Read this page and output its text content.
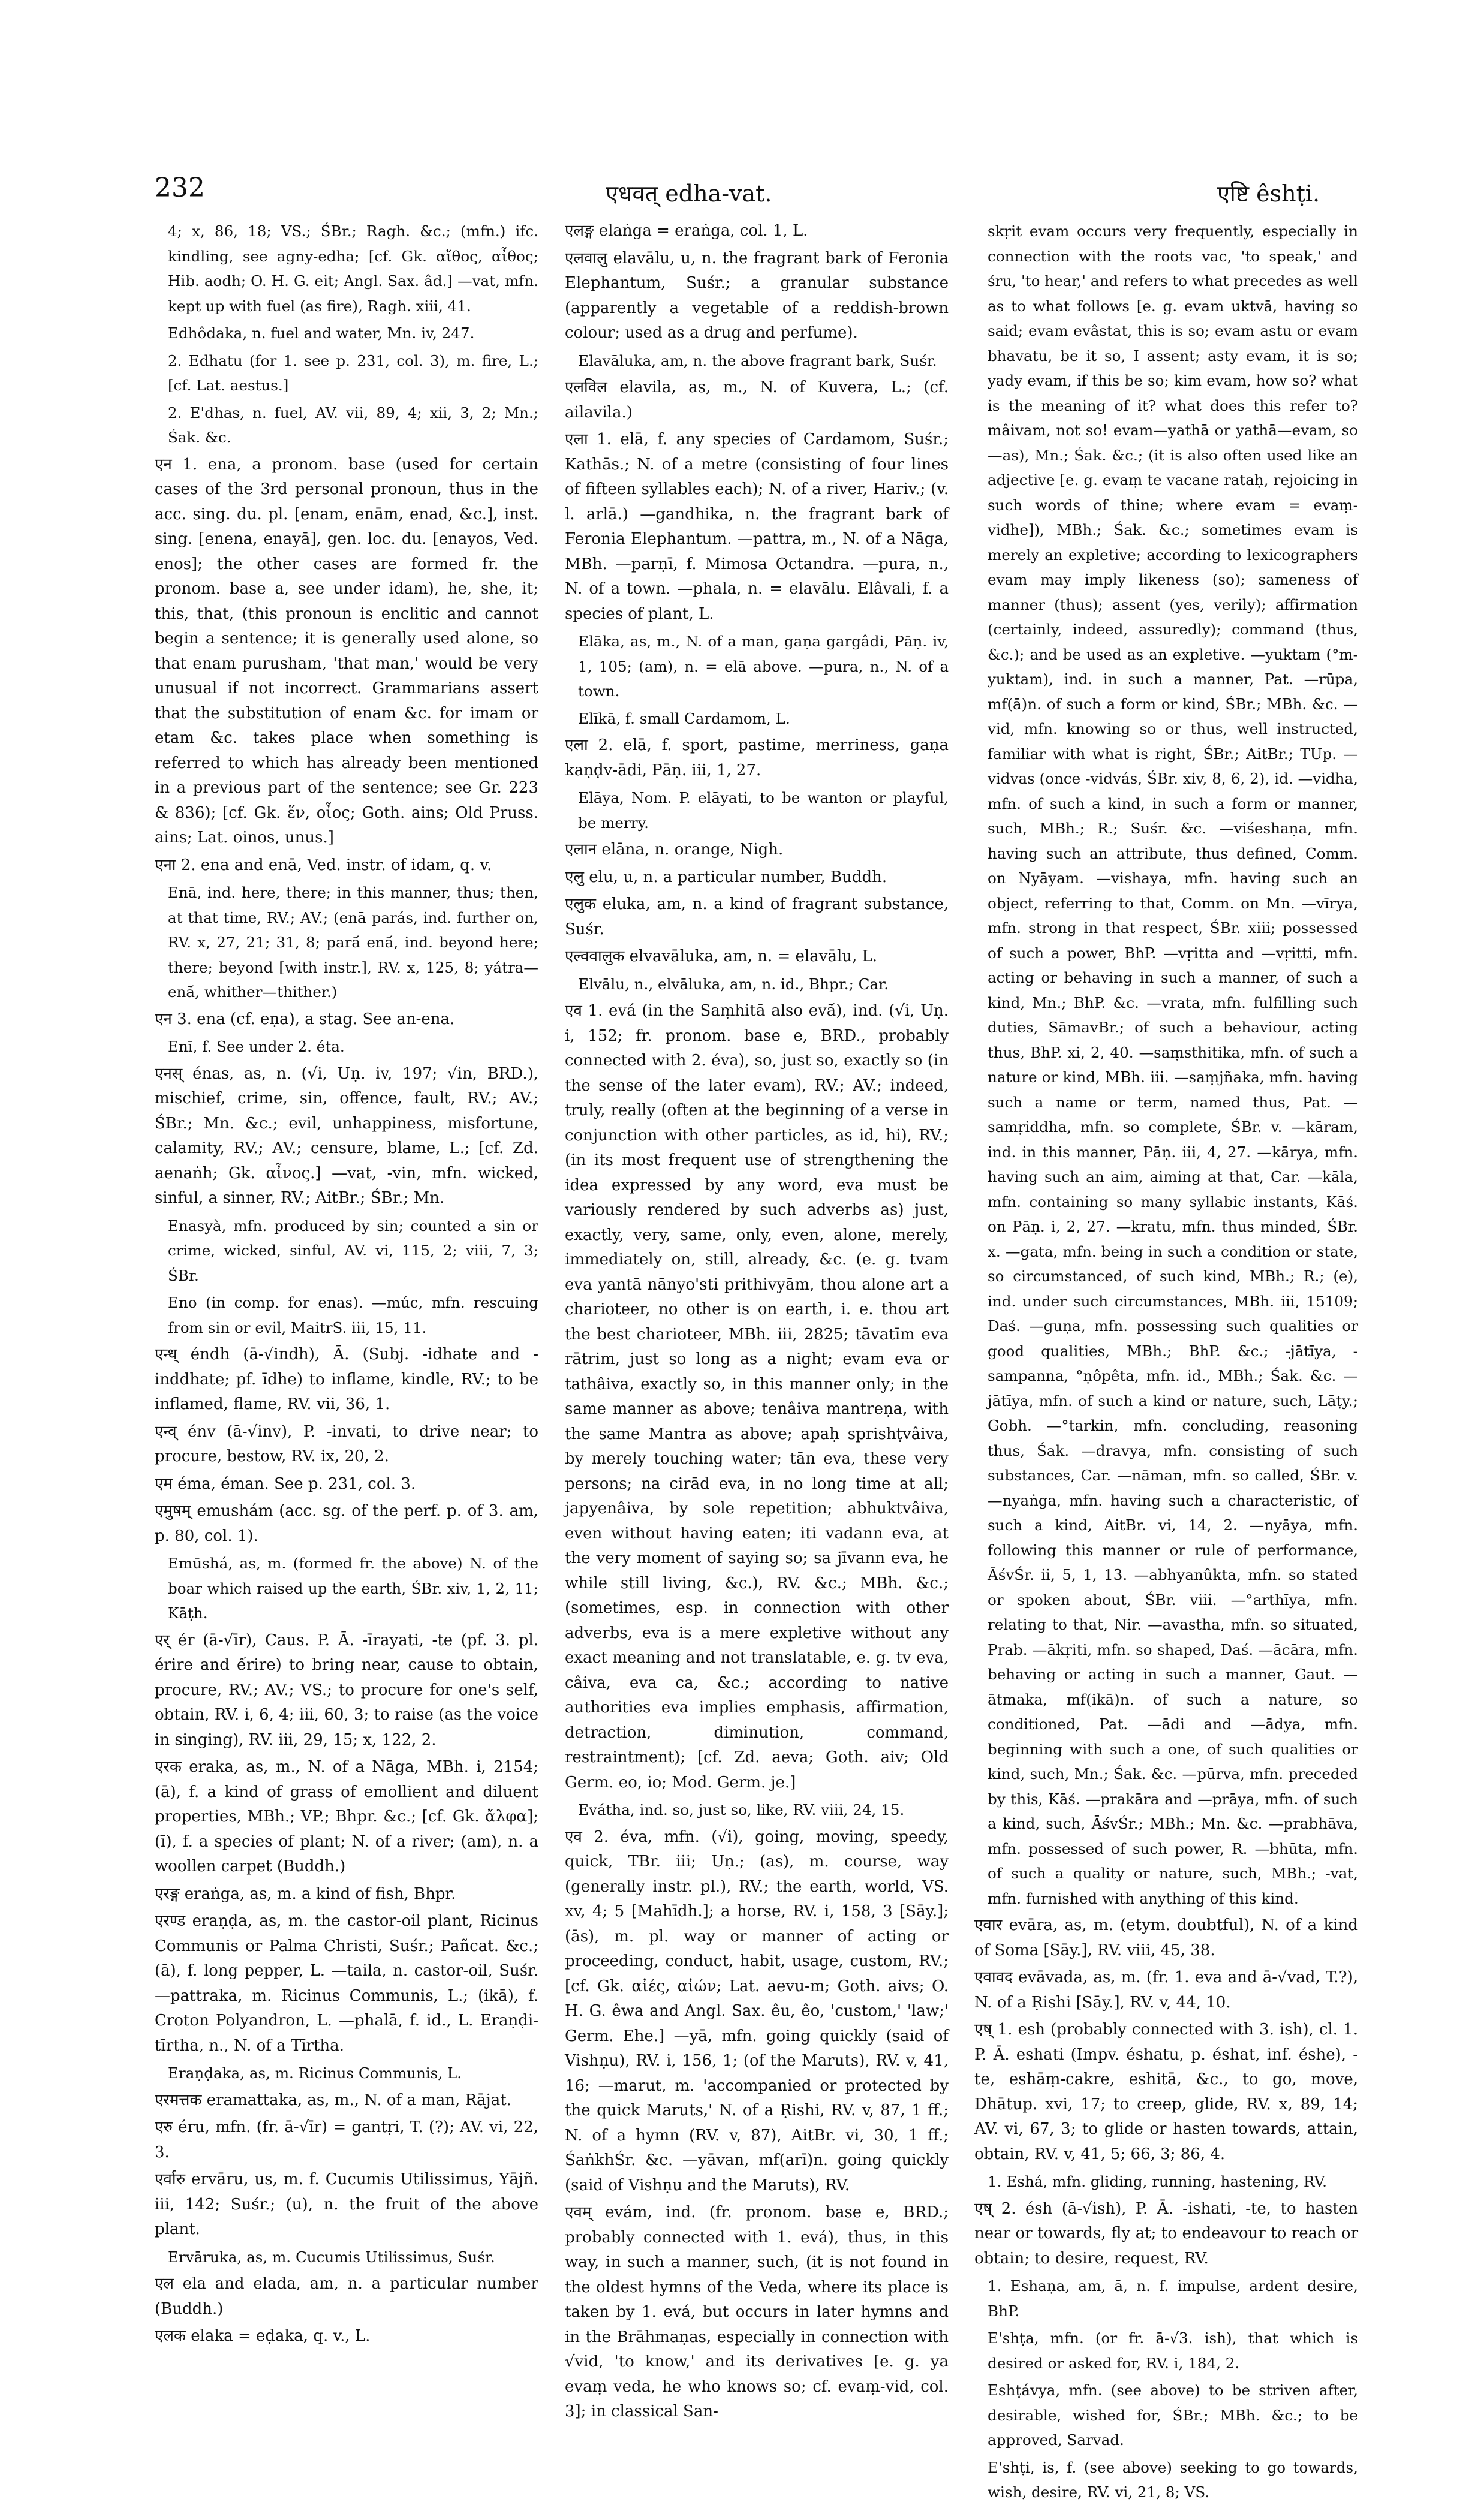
232	एधवत् edha-vat.	एष्टि êshṭi.

4; x, 86, 18; VS.; ŚBr.; Ragh. &c.; (mfn.) ifc. kindling, see agny-edha; [cf. Gk. αἴθος, αἶθος; Hib. aodh; O. H. G. eit; Angl. Sax. âd.] —vat, mfn. kept up with fuel (as fire), Ragh. xiii, 41.

Edhôdaka, n. fuel and water, Mn. iv, 247.

2. Edhatu (for 1. see p. 231, col. 3), m. fire, L.; [cf. Lat. aestus.]

2. E'dhas, n. fuel, AV. vii, 89, 4; xii, 3, 2; Mn.; Śak. &c.

एन 1. ena, a pronom. base (used for certain cases of the 3rd personal pronoun, thus in the acc. sing. du. pl. [enam, enām, enad, &c.], inst. sing. [enena, enayā], gen. loc. du. [enayos, Ved. enos]; the other cases are formed fr. the pronom. base a, see under idam), he, she, it; this, that, (this pronoun is enclitic and cannot begin a sentence; it is generally used alone, so that enam purusham, 'that man,' would be very unusual if not incorrect. Grammarians assert that the substitution of enam &c. for imam or etam &c. takes place when something is referred to which has already been mentioned in a previous part of the sentence; see Gr. 223 & 836); [cf. Gk. ἕν, οἶος; Goth. ains; Old Pruss. ains; Lat. oinos, unus.]

एना 2. ena and enā, Ved. instr. of idam, q. v.

Enā, ind. here, there; in this manner, thus; then, at that time, RV.; AV.; (enā parás, ind. further on, RV. x, 27, 21; 31, 8; parā́ enā́, ind. beyond here; there; beyond [with instr.], RV. x, 125, 8; yátra—enā́, whither—thither.)

एन 3. ena (cf. eṇa), a stag. See an-ena.

Enī, f. See under 2. éta.

एनस् énas, as, n. (√i, Uṇ. iv, 197; √in, BRD.), mischief, crime, sin, offence, fault, RV.; AV.; ŚBr.; Mn. &c.; evil, unhappiness, misfortune, calamity, RV.; AV.; censure, blame, L.; [cf. Zd. aenaṅh; Gk. αἶνος.] —vat, -vin, mfn. wicked, sinful, a sinner, RV.; AitBr.; ŚBr.; Mn.

Enasyà, mfn. produced by sin; counted a sin or crime, wicked, sinful, AV. vi, 115, 2; viii, 7, 3; ŚBr.

Eno (in comp. for enas). —múc, mfn. rescuing from sin or evil, MaitrS. iii, 15, 11.

एन्ध् éndh (ā-√indh), Ā. (Subj. -idhate and -inddhate; pf. īdhe) to inflame, kindle, RV.; to be inflamed, flame, RV. vii, 36, 1.

एन्व् énv (ā-√inv), P. -invati, to drive near; to procure, bestow, RV. ix, 20, 2.

एम éma, éman. See p. 231, col. 3.

एमुषम् emushám (acc. sg. of the perf. p. of 3. am, p. 80, col. 1).

Emūshá, as, m. (formed fr. the above) N. of the boar which raised up the earth, ŚBr. xiv, 1, 2, 11; Kāṭh.

एर् ér (ā-√īr), Caus. P. Ā. -īrayati, -te (pf. 3. pl. érire and ếrire) to bring near, cause to obtain, procure, RV.; AV.; VS.; to procure for one's self, obtain, RV. i, 6, 4; iii, 60, 3; to raise (as the voice in singing), RV. iii, 29, 15; x, 122, 2.

एरक eraka, as, m., N. of a Nāga, MBh. i, 2154; (ā), f. a kind of grass of emollient and diluent properties, MBh.; VP.; Bhpr. &c.; [cf. Gk. ἄλφα]; (ī), f. a species of plant; N. of a river; (am), n. a woollen carpet (Buddh.)

एरङ्ग eraṅga, as, m. a kind of fish, Bhpr.

एरण्ड eraṇḍa, as, m. the castor-oil plant, Ricinus Communis or Palma Christi, Suśr.; Pañcat. &c.; (ā), f. long pepper, L. —taila, n. castor-oil, Suśr. —pattraka, m. Ricinus Communis, L.; (ikā), f. Croton Polyandron, L. —phalā, f. id., L. Eraṇḍi-tīrtha, n., N. of a Tīrtha.

Eraṇḍaka, as, m. Ricinus Communis, L.

एरमत्तक eramattaka, as, m., N. of a man, Rājat.

एरु éru, mfn. (fr. ā-√īr) = gantṛi, T. (?); AV. vi, 22, 3.

एर्वारु ervāru, us, m. f. Cucumis Utilissimus, Yājñ. iii, 142; Suśr.; (u), n. the fruit of the above plant.

Ervāruka, as, m. Cucumis Utilissimus, Suśr.

एल ela and elada, am, n. a particular number (Buddh.)

एलक elaka = eḍaka, q. v., L.

एलङ्ग elaṅga = eraṅga, col. 1, L.

एलवालु elavālu, u, n. the fragrant bark of Feronia Elephantum, Suśr.; a granular substance (apparently a vegetable of a reddish-brown colour; used as a drug and perfume).

Elavāluka, am, n. the above fragrant bark, Suśr.

एलविल elavila, as, m., N. of Kuvera, L.; (cf. ailavila.)

एला 1. elā, f. any species of Cardamom, Suśr.; Kathās.; N. of a metre (consisting of four lines of fifteen syllables each); N. of a river, Hariv.; (v. l. arlā.) —gandhika, n. the fragrant bark of Feronia Elephantum. —pattra, m., N. of a Nāga, MBh. —parṇī, f. Mimosa Octandra. —pura, n., N. of a town. —phala, n. = elavālu. Elâvali, f. a species of plant, L.

Elāka, as, m., N. of a man, gaṇa gargâdi, Pāṇ. iv, 1, 105; (am), n. = elā above. —pura, n., N. of a town.

Elīkā, f. small Cardamom, L.

एला 2. elā, f. sport, pastime, merriness, gaṇa kaṇḍv-ādi, Pāṇ. iii, 1, 27.

Elāya, Nom. P. elāyati, to be wanton or playful, be merry.

एलान elāna, n. orange, Nigh.

एलु elu, u, n. a particular number, Buddh.

एलुक eluka, am, n. a kind of fragrant substance, Suśr.

एल्ववालुक elvavāluka, am, n. = elavālu, L.

Elvālu, n., elvāluka, am, n. id., Bhpr.; Car.

एव 1. evá (in the Saṃhitā also evā́), ind. (√i, Uṇ. i, 152; fr. pronom. base e, BRD., probably connected with 2. éva), so, just so, exactly so (in the sense of the later evam), RV.; AV.; indeed, truly, really (often at the beginning of a verse in conjunction with other particles, as id, hi), RV.; (in its most frequent use of strengthening the idea expressed by any word, eva must be variously rendered by such adverbs as) just, exactly, very, same, only, even, alone, merely, immediately on, still, already, &c. (e. g. tvam eva yantā nānyo'sti prithivyām, thou alone art a charioteer, no other is on earth, i. e. thou art the best charioteer, MBh. iii, 2825; tāvatīm eva rātrim, just so long as a night; evam eva or tathâiva, exactly so, in this manner only; in the same manner as above; tenâiva mantreṇa, with the same Mantra as above; apaḥ sprishṭvâiva, by merely touching water; tān eva, these very persons; na cirād eva, in no long time at all; japyenâiva, by sole repetition; abhuktvâiva, even without having eaten; iti vadann eva, at the very moment of saying so; sa jīvann eva, he while still living, &c.), RV. &c.; MBh. &c.; (sometimes, esp. in connection with other adverbs, eva is a mere expletive without any exact meaning and not translatable, e. g. tv eva, câiva, eva ca, &c.; according to native authorities eva implies emphasis, affirmation, detraction, diminution, command, restraintment); [cf. Zd. aeva; Goth. aiv; Old Germ. eo, io; Mod. Germ. je.]

Evátha, ind. so, just so, like, RV. viii, 24, 15.

एव 2. éva, mfn. (√i), going, moving, speedy, quick, TBr. iii; Uṇ.; (as), m. course, way (generally instr. pl.), RV.; the earth, world, VS. xv, 4; 5 [Mahīdh.]; a horse, RV. i, 158, 3 [Sāy.]; (ās), m. pl. way or manner of acting or proceeding, conduct, habit, usage, custom, RV.; [cf. Gk. αἰές, αἰών; Lat. aevu-m; Goth. aivs; O. H. G. êwa and Angl. Sax. êu, êo, 'custom,' 'law;' Germ. Ehe.] —yā, mfn. going quickly (said of Vishṇu), RV. i, 156, 1; (of the Maruts), RV. v, 41, 16; —marut, m. 'accompanied or protected by the quick Maruts,' N. of a Ṛishi, RV. v, 87, 1 ff.; N. of a hymn (RV. v, 87), AitBr. vi, 30, 1 ff.; ŚaṅkhŚr. &c. —yāvan, mf(arī)n. going quickly (said of Vishṇu and the Maruts), RV.

एवम् evám, ind. (fr. pronom. base e, BRD.; probably connected with 1. evá), thus, in this way, in such a manner, such, (it is not found in the oldest hymns of the Veda, where its place is taken by 1. evá, but occurs in later hymns and in the Brāhmaṇas, especially in connection with √vid, 'to know,' and its derivatives [e. g. ya evaṃ veda, he who knows so; cf. evaṃ-vid, col. 3]; in classical San-

skṛit evam occurs very frequently, especially in connection with the roots vac, 'to speak,' and śru, 'to hear,' and refers to what precedes as well as to what follows [e. g. evam uktvā, having so said; evam evâstat, this is so; evam astu or evam bhavatu, be it so, I assent; asty evam, it is so; yady evam, if this be so; kim evam, how so? what is the meaning of it? what does this refer to? mâivam, not so! evam—yathā or yathā—evam, so—as), Mn.; Śak. &c.; (it is also often used like an adjective [e. g. evaṃ te vacane rataḥ, rejoicing in such words of thine; where evam = evaṃ-vidhe]), MBh.; Śak. &c.; sometimes evam is merely an expletive; according to lexicographers evam may imply likeness (so); sameness of manner (thus); assent (yes, verily); affirmation (certainly, indeed, assuredly); command (thus, &c.); and be used as an expletive. —yuktam (°m-yuktam), ind. in such a manner, Pat. —rūpa, mf(ā)n. of such a form or kind, ŚBr.; MBh. &c. —vid, mfn. knowing so or thus, well instructed, familiar with what is right, ŚBr.; AitBr.; TUp. —vidvas (once -vidvás, ŚBr. xiv, 8, 6, 2), id. —vidha, mfn. of such a kind, in such a form or manner, such, MBh.; R.; Suśr. &c. —viśeshaṇa, mfn. having such an attribute, thus defined, Comm. on Nyāyam. —vishaya, mfn. having such an object, referring to that, Comm. on Mn. —vīrya, mfn. strong in that respect, ŚBr. xiii; possessed of such a power, BhP. —vṛitta and —vṛitti, mfn. acting or behaving in such a manner, of such a kind, Mn.; BhP. &c. —vrata, mfn. fulfilling such duties, SāmavBr.; of such a behaviour, acting thus, BhP. xi, 2, 40. —saṃsthitika, mfn. of such a nature or kind, MBh. iii. —saṃjñaka, mfn. having such a name or term, named thus, Pat. —samṛiddha, mfn. so complete, ŚBr. v. —kāram, ind. in this manner, Pāṇ. iii, 4, 27. —kārya, mfn. having such an aim, aiming at that, Car. —kāla, mfn. containing so many syllabic instants, Kāś. on Pāṇ. i, 2, 27. —kratu, mfn. thus minded, ŚBr. x. —gata, mfn. being in such a condition or state, so circumstanced, of such kind, MBh.; R.; (e), ind. under such circumstances, MBh. iii, 15109; Daś. —guṇa, mfn. possessing such qualities or good qualities, MBh.; BhP. &c.; -jātīya, -sampanna, °ṇôpêta, mfn. id., MBh.; Śak. &c. —jātīya, mfn. of such a kind or nature, such, Lāṭy.; Gobh. —°tarkin, mfn. concluding, reasoning thus, Śak. —dravya, mfn. consisting of such substances, Car. —nāman, mfn. so called, ŚBr. v. —nyaṅga, mfn. having such a characteristic, of such a kind, AitBr. vi, 14, 2. —nyāya, mfn. following this manner or rule of performance, ĀśvŚr. ii, 5, 1, 13. —abhyanûkta, mfn. so stated or spoken about, ŚBr. viii. —°arthīya, mfn. relating to that, Nir. —avastha, mfn. so situated, Prab. —ākṛiti, mfn. so shaped, Daś. —ācāra, mfn. behaving or acting in such a manner, Gaut. —ātmaka, mf(ikā)n. of such a nature, so conditioned, Pat. —ādi and —ādya, mfn. beginning with such a one, of such qualities or kind, such, Mn.; Śak. &c. —pūrva, mfn. preceded by this, Kāś. —prakāra and —prāya, mfn. of such a kind, such, ĀśvŚr.; MBh.; Mn. &c. —prabhāva, mfn. possessed of such power, R. —bhūta, mfn. of such a quality or nature, such, MBh.; -vat, mfn. furnished with anything of this kind.

एवार evāra, as, m. (etym. doubtful), N. of a kind of Soma [Sāy.], RV. viii, 45, 38.

एवावद evāvada, as, m. (fr. 1. eva and ā-√vad, T.?), N. of a Ṛishi [Sāy.], RV. v, 44, 10.

एष् 1. esh (probably connected with 3. ish), cl. 1. P. Ā. eshati (Impv. éshatu, p. éshat, inf. éshe), -te, eshāṃ-cakre, eshitā, &c., to go, move, Dhātup. xvi, 17; to creep, glide, RV. x, 89, 14; AV. vi, 67, 3; to glide or hasten towards, attain, obtain, RV. v, 41, 5; 66, 3; 86, 4.

1. Eshá, mfn. gliding, running, hastening, RV.

एष् 2. ésh (ā-√ish), P. Ā. -ishati, -te, to hasten near or towards, fly at; to endeavour to reach or obtain; to desire, request, RV.

1. Eshaṇa, am, ā, n. f. impulse, ardent desire, BhP.

E'shṭa, mfn. (or fr. ā-√3. ish), that which is desired or asked for, RV. i, 184, 2.

Eshṭávya, mfn. (see above) to be striven after, desirable, wished for, ŚBr.; MBh. &c.; to be approved, Sarvad.

E'shṭi, is, f. (see above) seeking to go towards, wish, desire, RV. vi, 21, 8; VS.
